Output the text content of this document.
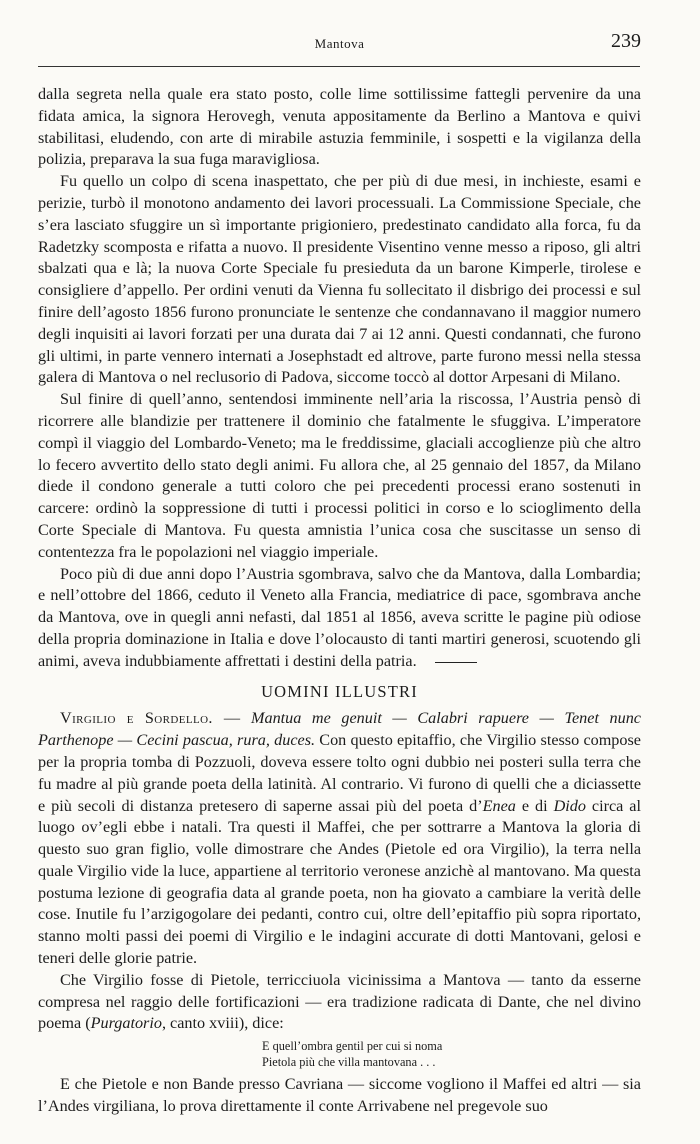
Mantova	239

dalla segreta nella quale era stato posto, colle lime sottilissime fattegli pervenire da una fidata amica, la signora Herovegh, venuta appositamente da Berlino a Mantova e quivi stabilitasi, eludendo, con arte di mirabile astuzia femminile, i sospetti e la vigilanza della polizia, preparava la sua fuga maravigliosa.

Fu quello un colpo di scena inaspettato, che per più di due mesi, in inchieste, esami e perizie, turbò il monotono andamento dei lavori processuali. La Commissione Speciale, che s’era lasciato sfuggire un sì importante prigioniero, predestinato candidato alla forca, fu da Radetzky scomposta e rifatta a nuovo. Il presidente Visentino venne messo a riposo, gli altri sbalzati qua e là; la nuova Corte Speciale fu presieduta da un barone Kimperle, tirolese e consigliere d’appello. Per ordini venuti da Vienna fu sollecitato il disbrigo dei processi e sul finire dell’agosto 1856 furono pronunciate le sentenze che condannavano il maggior numero degli inquisiti ai lavori forzati per una durata dai 7 ai 12 anni. Questi condannati, che furono gli ultimi, in parte vennero internati a Josephstadt ed altrove, parte furono messi nella stessa galera di Mantova o nel reclusorio di Padova, siccome toccò al dottor Arpesani di Milano.

Sul finire di quell’anno, sentendosi imminente nell’aria la riscossa, l’Austria pensò di ricorrere alle blandizie per trattenere il dominio che fatalmente le sfuggiva. L’imperatore compì il viaggio del Lombardo-Veneto; ma le freddissime, glaciali accoglienze più che altro lo fecero avvertito dello stato degli animi. Fu allora che, al 25 gennaio del 1857, da Milano diede il condono generale a tutti coloro che pei precedenti processi erano sostenuti in carcere: ordinò la soppressione di tutti i processi politici in corso e lo scioglimento della Corte Speciale di Mantova. Fu questa amnistia l’unica cosa che suscitasse un senso di contentezza fra le popolazioni nel viaggio imperiale.

Poco più di due anni dopo l’Austria sgombrava, salvo che da Mantova, dalla Lombardia; e nell’ottobre del 1866, ceduto il Veneto alla Francia, mediatrice di pace, sgombrava anche da Mantova, ove in quegli anni nefasti, dal 1851 al 1856, aveva scritte le pagine più odiose della propria dominazione in Italia e dove l’olocausto di tanti martiri generosi, scuotendo gli animi, aveva indubbiamente affrettati i destini della patria.

UOMINI ILLUSTRI

Virgilio e Sordello. — Mantua me genuit — Calabri rapuere — Tenet nunc Parthenope — Cecini pascua, rura, duces. Con questo epitaffio, che Virgilio stesso compose per la propria tomba di Pozzuoli, doveva essere tolto ogni dubbio nei posteri sulla terra che fu madre al più grande poeta della latinità. Al contrario. Vi furono di quelli che a diciassette e più secoli di distanza pretesero di saperne assai più del poeta d’Enea e di Dido circa al luogo ov’egli ebbe i natali. Tra questi il Maffei, che per sottrarre a Mantova la gloria di questo suo gran figlio, volle dimostrare che Andes (Pietole ed ora Virgilio), la terra nella quale Virgilio vide la luce, appartiene al territorio veronese anzichè al mantovano. Ma questa postuma lezione di geografia data al grande poeta, non ha giovato a cambiare la verità delle cose. Inutile fu l’arzigogolare dei pedanti, contro cui, oltre dell’epitaffio più sopra riportato, stanno molti passi dei poemi di Virgilio e le indagini accurate di dotti Mantovani, gelosi e teneri delle glorie patrie.

Che Virgilio fosse di Pietole, terricciuola vicinissima a Mantova — tanto da esserne compresa nel raggio delle fortificazioni — era tradizione radicata di Dante, che nel divino poema (Purgatorio, canto xviii), dice:

E quell’ombra gentil per cui si noma
Pietola più che villa mantovana . . .

E che Pietole e non Bande presso Cavriana — siccome vogliono il Maffei ed altri — sia l’Andes virgiliana, lo prova direttamente il conte Arrivabene nel pregevole suo
